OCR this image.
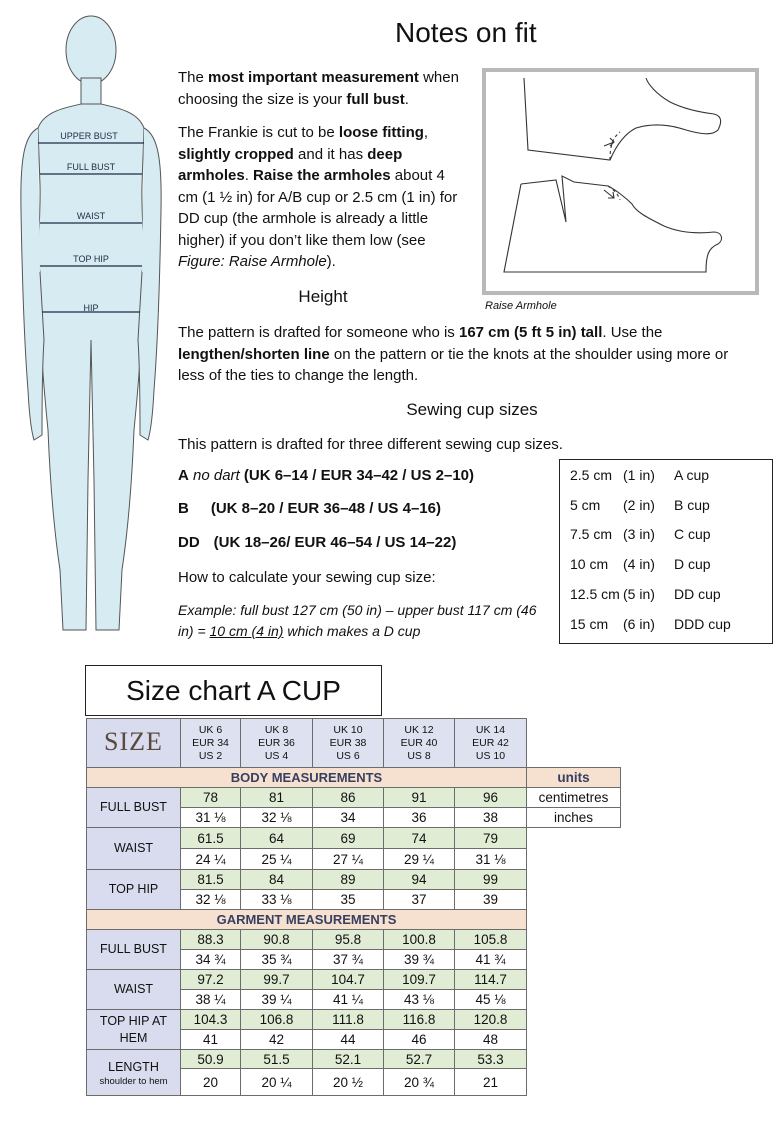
UPPER BUST
FULL BUST
WAIST
TOP HIP
HIP
Notes on fit

The most important measurement when choosing the size is your full bust.

The Frankie is cut to be loose fitting, slightly cropped and it has deep armholes. Raise the armholes about 4 cm (1 ½ in) for A/B cup or 2.5 cm (1 in) for DD cup (the armhole is already a little higher) if you don’t like them low (see Figure: Raise Armhole).

Raise Armhole
Height

The pattern is drafted for someone who is 167 cm (5 ft 5 in) tall. Use the lengthen/shorten line on the pattern or tie the knots at the shoulder using more or less of the ties to change the length.

Sewing cup sizes

This pattern is drafted for three different sewing cup sizes.

A no dart (UK 6–14 / EUR 34–42 / US 2–10)
B (UK 8–20 / EUR 36–48 / US 4–16)
DD (UK 18–26/ EUR 46–54 / US 14–22)

How to calculate your sewing cup size:

Example: full bust 127 cm (50 in) – upper bust 117 cm (46 in) = 10 cm (4 in) which makes a D cup

2.5 cm (1 in) A cup
5 cm (2 in) B cup
7.5 cm (3 in) C cup
10 cm (4 in) D cup
12.5 cm (5 in) DD cup
15 cm (6 in) DDD cup
Size chart A CUP
SIZE	UK 6
EUR 34
US 2	UK 8
EUR 36
US 4	UK 10
EUR 38
US 6	UK 12
EUR 40
US 8	UK 14
EUR 42
US 10	
BODY MEASUREMENTS						units
FULL BUST	78	81	86	91	96	centimetres
	31 ⅛	32 ⅛	34	36	38	inches
WAIST	61.5	64	69	74	79	
	24 ¼	25 ¼	27 ¼	29 ¼	31 ⅛	
TOP HIP	81.5	84	89	94	99	
	32 ⅛	33 ⅛	35	37	39	
GARMENT MEASUREMENTS						
FULL BUST	88.3	90.8	95.8	100.8	105.8	
	34 ¾	35 ¾	37 ¾	39 ¾	41 ¾	
WAIST	97.2	99.7	104.7	109.7	114.7	
	38 ¼	39 ¼	41 ¼	43 ⅛	45 ⅛	
TOP HIP AT HEM	104.3	106.8	111.8	116.8	120.8	
	41	42	44	46	48	
LENGTH
shoulder to hem	50.9	51.5	52.1	52.7	53.3	
	20	20 ¼	20 ½	20 ¾	21	
